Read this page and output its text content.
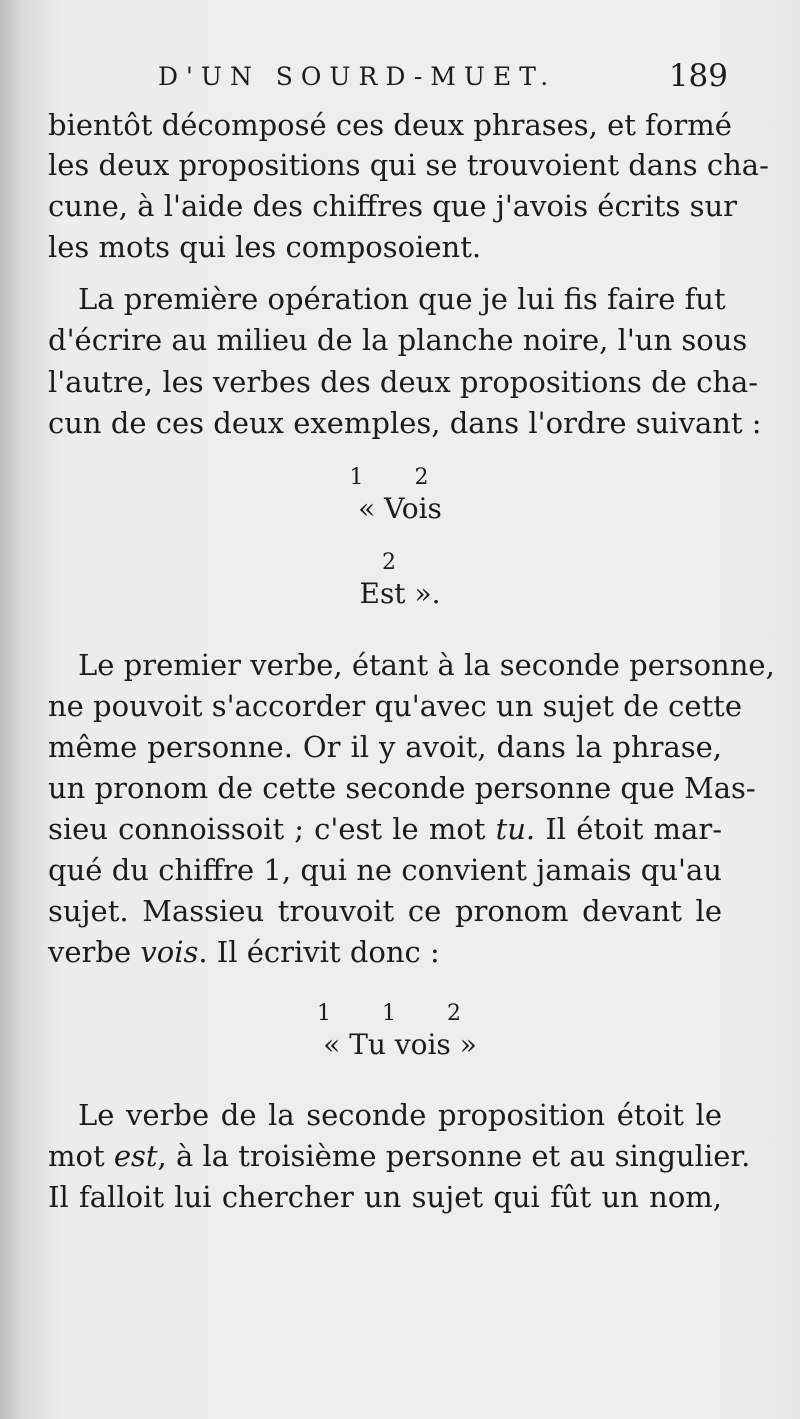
D'UN SOURD-MUET.	189
bientôt décomposé ces deux phrases, et formé
les deux propositions qui se trouvoient dans cha-
cune, à l'aide des chiffres que j'avois écrits sur
les mots qui les composoient.
La première opération que je lui fis faire fut
d'écrire au milieu de la planche noire, l'un sous
l'autre, les verbes des deux propositions de cha-
cun de ces deux exemples, dans l'ordre suivant :
1 2
« Vois
2
Est ».
Le premier verbe, étant à la seconde personne,
ne pouvoit s'accorder qu'avec un sujet de cette
même personne. Or il y avoit, dans la phrase,
un pronom de cette seconde personne que Mas-
sieu connoissoit ; c'est le mot tu. Il étoit mar-
qué du chiffre 1, qui ne convient jamais qu'au
sujet. Massieu trouvoit ce pronom devant le
verbe vois. Il écrivit donc :
1 1 2
« Tu vois »
Le verbe de la seconde proposition étoit le
mot est, à la troisième personne et au singulier.
Il falloit lui chercher un sujet qui fût un nom,
